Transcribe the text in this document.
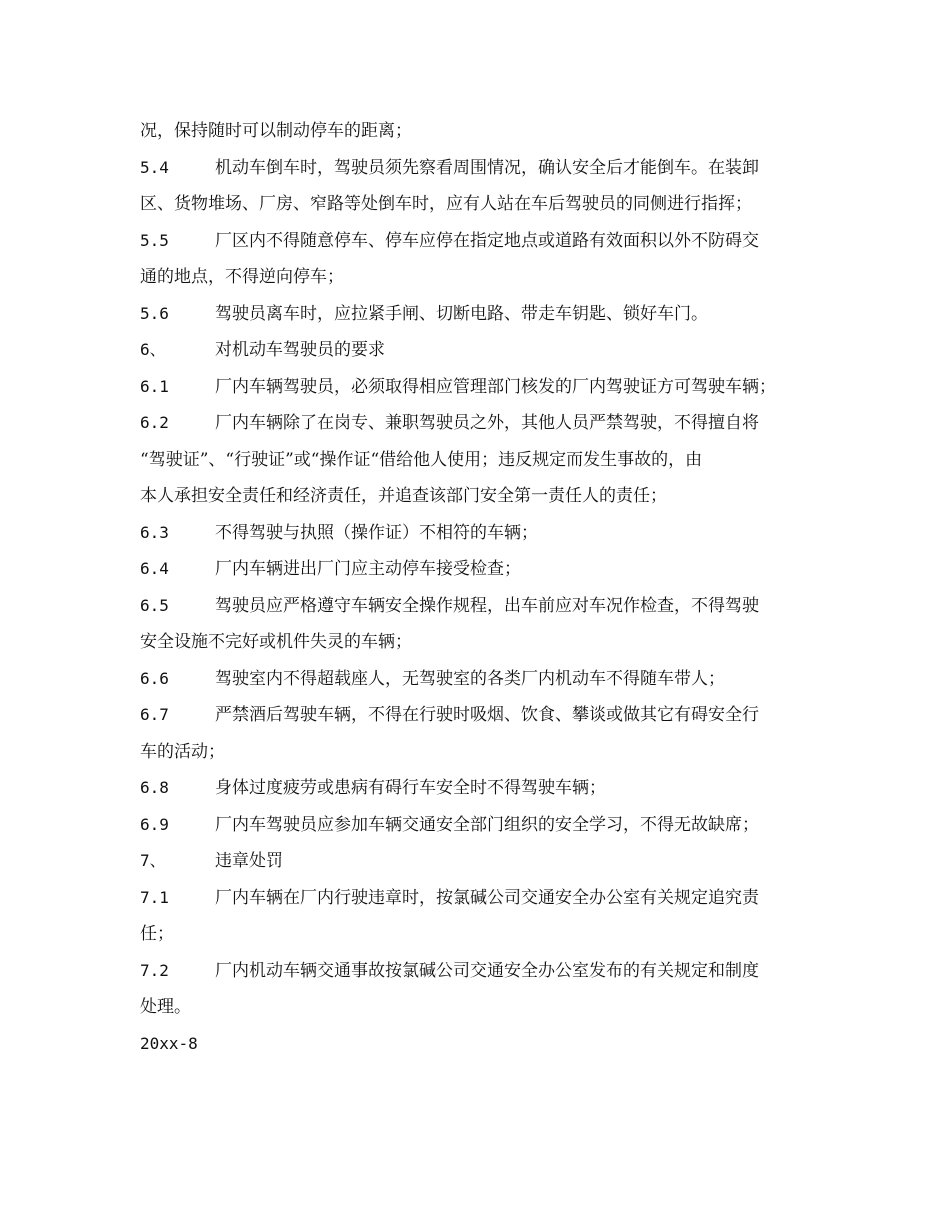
况，保持随时可以制动停车的距离；
5.4	机动车倒车时，驾驶员须先察看周围情况，确认安全后才能倒车。在装卸
区、货物堆场、厂房、窄路等处倒车时，应有人站在车后驾驶员的同侧进行指挥；
5.5	厂区内不得随意停车、停车应停在指定地点或道路有效面积以外不防碍交
通的地点，不得逆向停车；
5.6	驾驶员离车时，应拉紧手闸、切断电路、带走车钥匙、锁好车门。
6、	对机动车驾驶员的要求
6.1	厂内车辆驾驶员，必须取得相应管理部门核发的厂内驾驶证方可驾驶车辆；
6.2	厂内车辆除了在岗专、兼职驾驶员之外，其他人员严禁驾驶，不得擅自将
“驾驶证”、“行驶证”或“操作证“借给他人使用；违反规定而发生事故的，由
本人承担安全责任和经济责任，并追查该部门安全第一责任人的责任；
6.3	不得驾驶与执照（操作证）不相符的车辆；
6.4	厂内车辆进出厂门应主动停车接受检查；
6.5	驾驶员应严格遵守车辆安全操作规程，出车前应对车况作检查，不得驾驶
安全设施不完好或机件失灵的车辆；
6.6	驾驶室内不得超载座人，无驾驶室的各类厂内机动车不得随车带人；
6.7	严禁酒后驾驶车辆，不得在行驶时吸烟、饮食、攀谈或做其它有碍安全行
车的活动；
6.8	身体过度疲劳或患病有碍行车安全时不得驾驶车辆；
6.9	厂内车驾驶员应参加车辆交通安全部门组织的安全学习，不得无故缺席；
7、	违章处罚
7.1	厂内车辆在厂内行驶违章时，按氯碱公司交通安全办公室有关规定追究责
任；
7.2	厂内机动车辆交通事故按氯碱公司交通安全办公室发布的有关规定和制度
处理。
20xx-8
